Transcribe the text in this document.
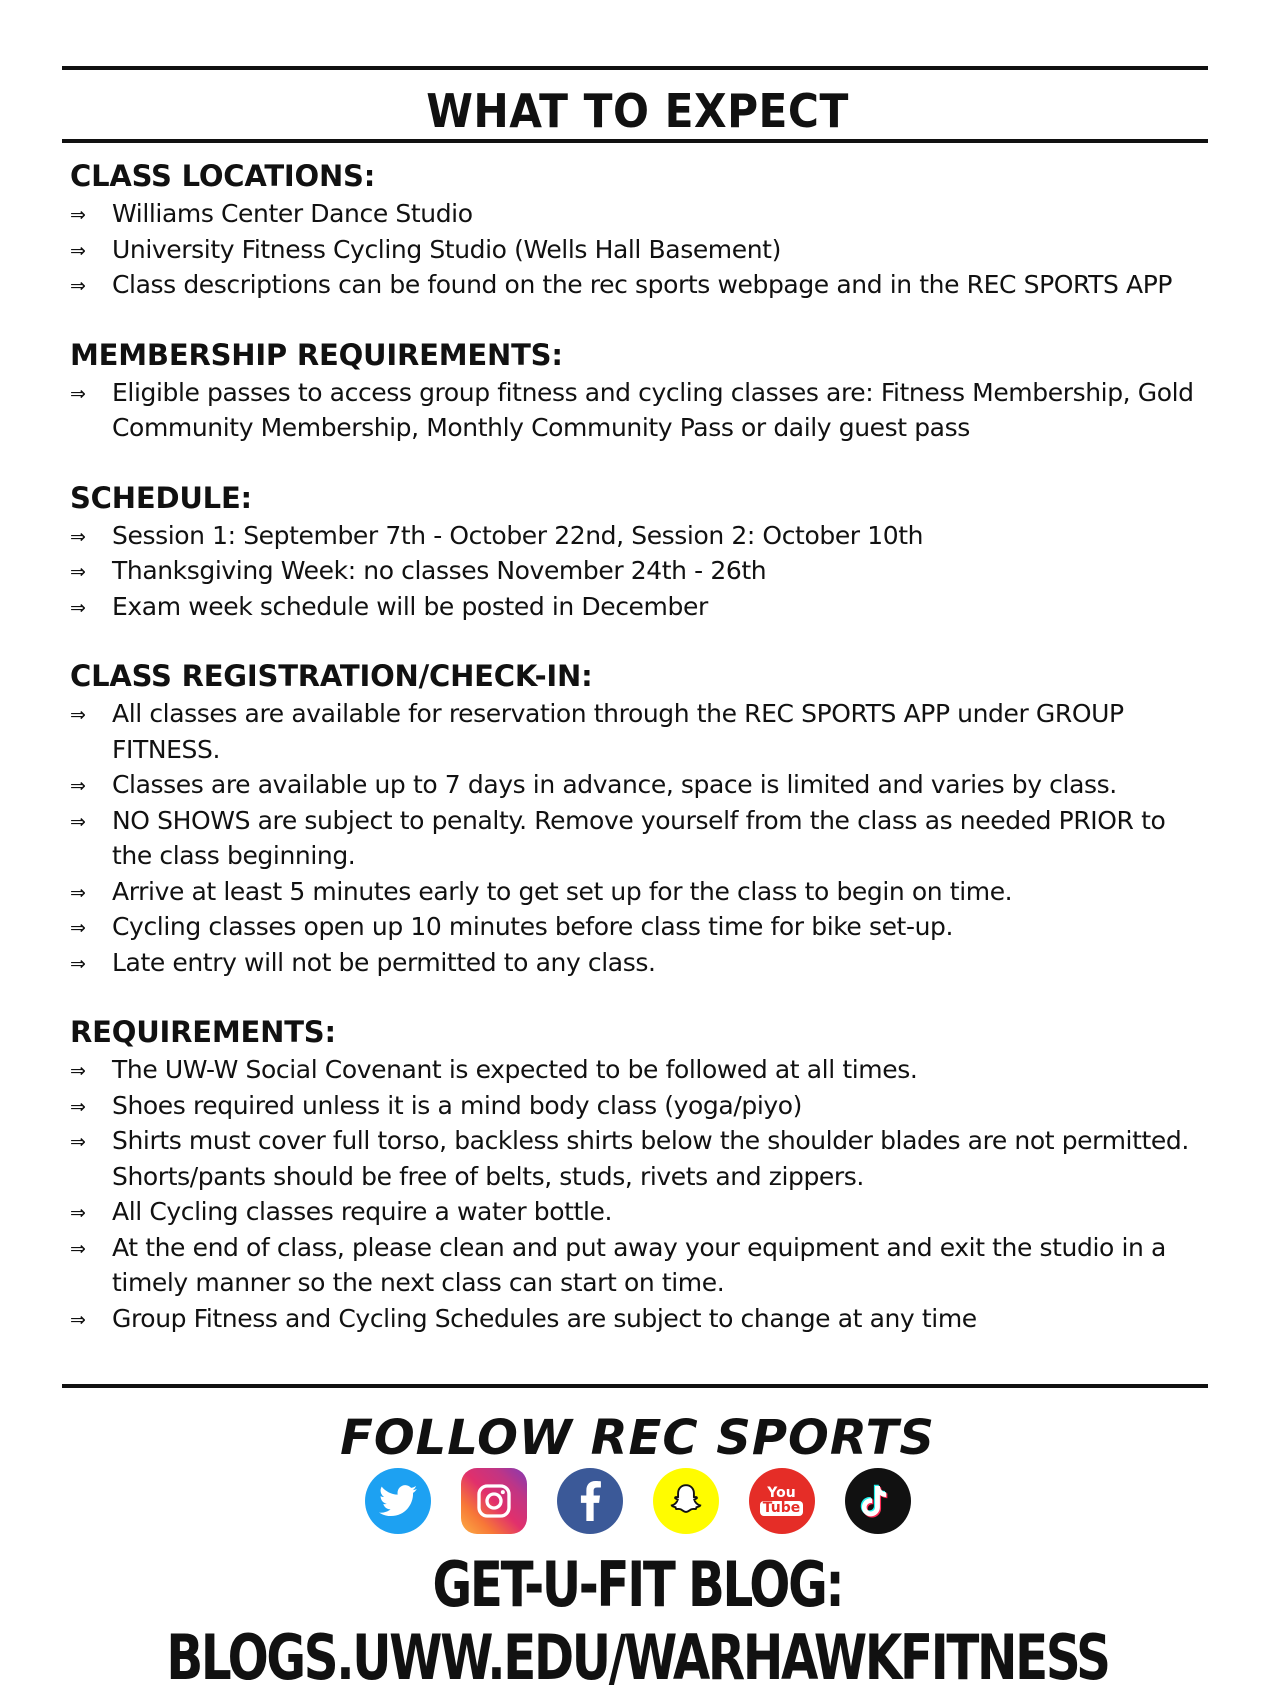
WHAT TO EXPECT
CLASS LOCATIONS:
⇒ Williams Center Dance Studio
⇒ University Fitness Cycling Studio (Wells Hall Basement)
⇒ Class descriptions can be found on the rec sports webpage and in the REC SPORTS APP
MEMBERSHIP REQUIREMENTS:
⇒ Eligible passes to access group fitness and cycling classes are: Fitness Membership, Gold Community Membership, Monthly Community Pass or daily guest pass
SCHEDULE:
⇒ Session 1: September 7th - October 22nd, Session 2: October 10th
⇒ Thanksgiving Week: no classes November 24th - 26th
⇒ Exam week schedule will be posted in December
CLASS REGISTRATION/CHECK-IN:
⇒ All classes are available for reservation through the REC SPORTS APP under GROUP FITNESS.
⇒ Classes are available up to 7 days in advance, space is limited and varies by class.
⇒ NO SHOWS are subject to penalty. Remove yourself from the class as needed PRIOR to the class beginning.
⇒ Arrive at least 5 minutes early to get set up for the class to begin on time.
⇒ Cycling classes open up 10 minutes before class time for bike set-up.
⇒ Late entry will not be permitted to any class.
REQUIREMENTS:
⇒ The UW-W Social Covenant is expected to be followed at all times.
⇒ Shoes required unless it is a mind body class (yoga/piyo)
⇒ Shirts must cover full torso, backless shirts below the shoulder blades are not permitted. Shorts/pants should be free of belts, studs, rivets and zippers.
⇒ All Cycling classes require a water bottle.
⇒ At the end of class, please clean and put away your equipment and exit the studio in a timely manner so the next class can start on time.
⇒ Group Fitness and Cycling Schedules are subject to change at any time
FOLLOW REC SPORTS
You
Tube
GET-U-FIT BLOG: BLOGS.UWW.EDU/WARHAWKFITNESS
